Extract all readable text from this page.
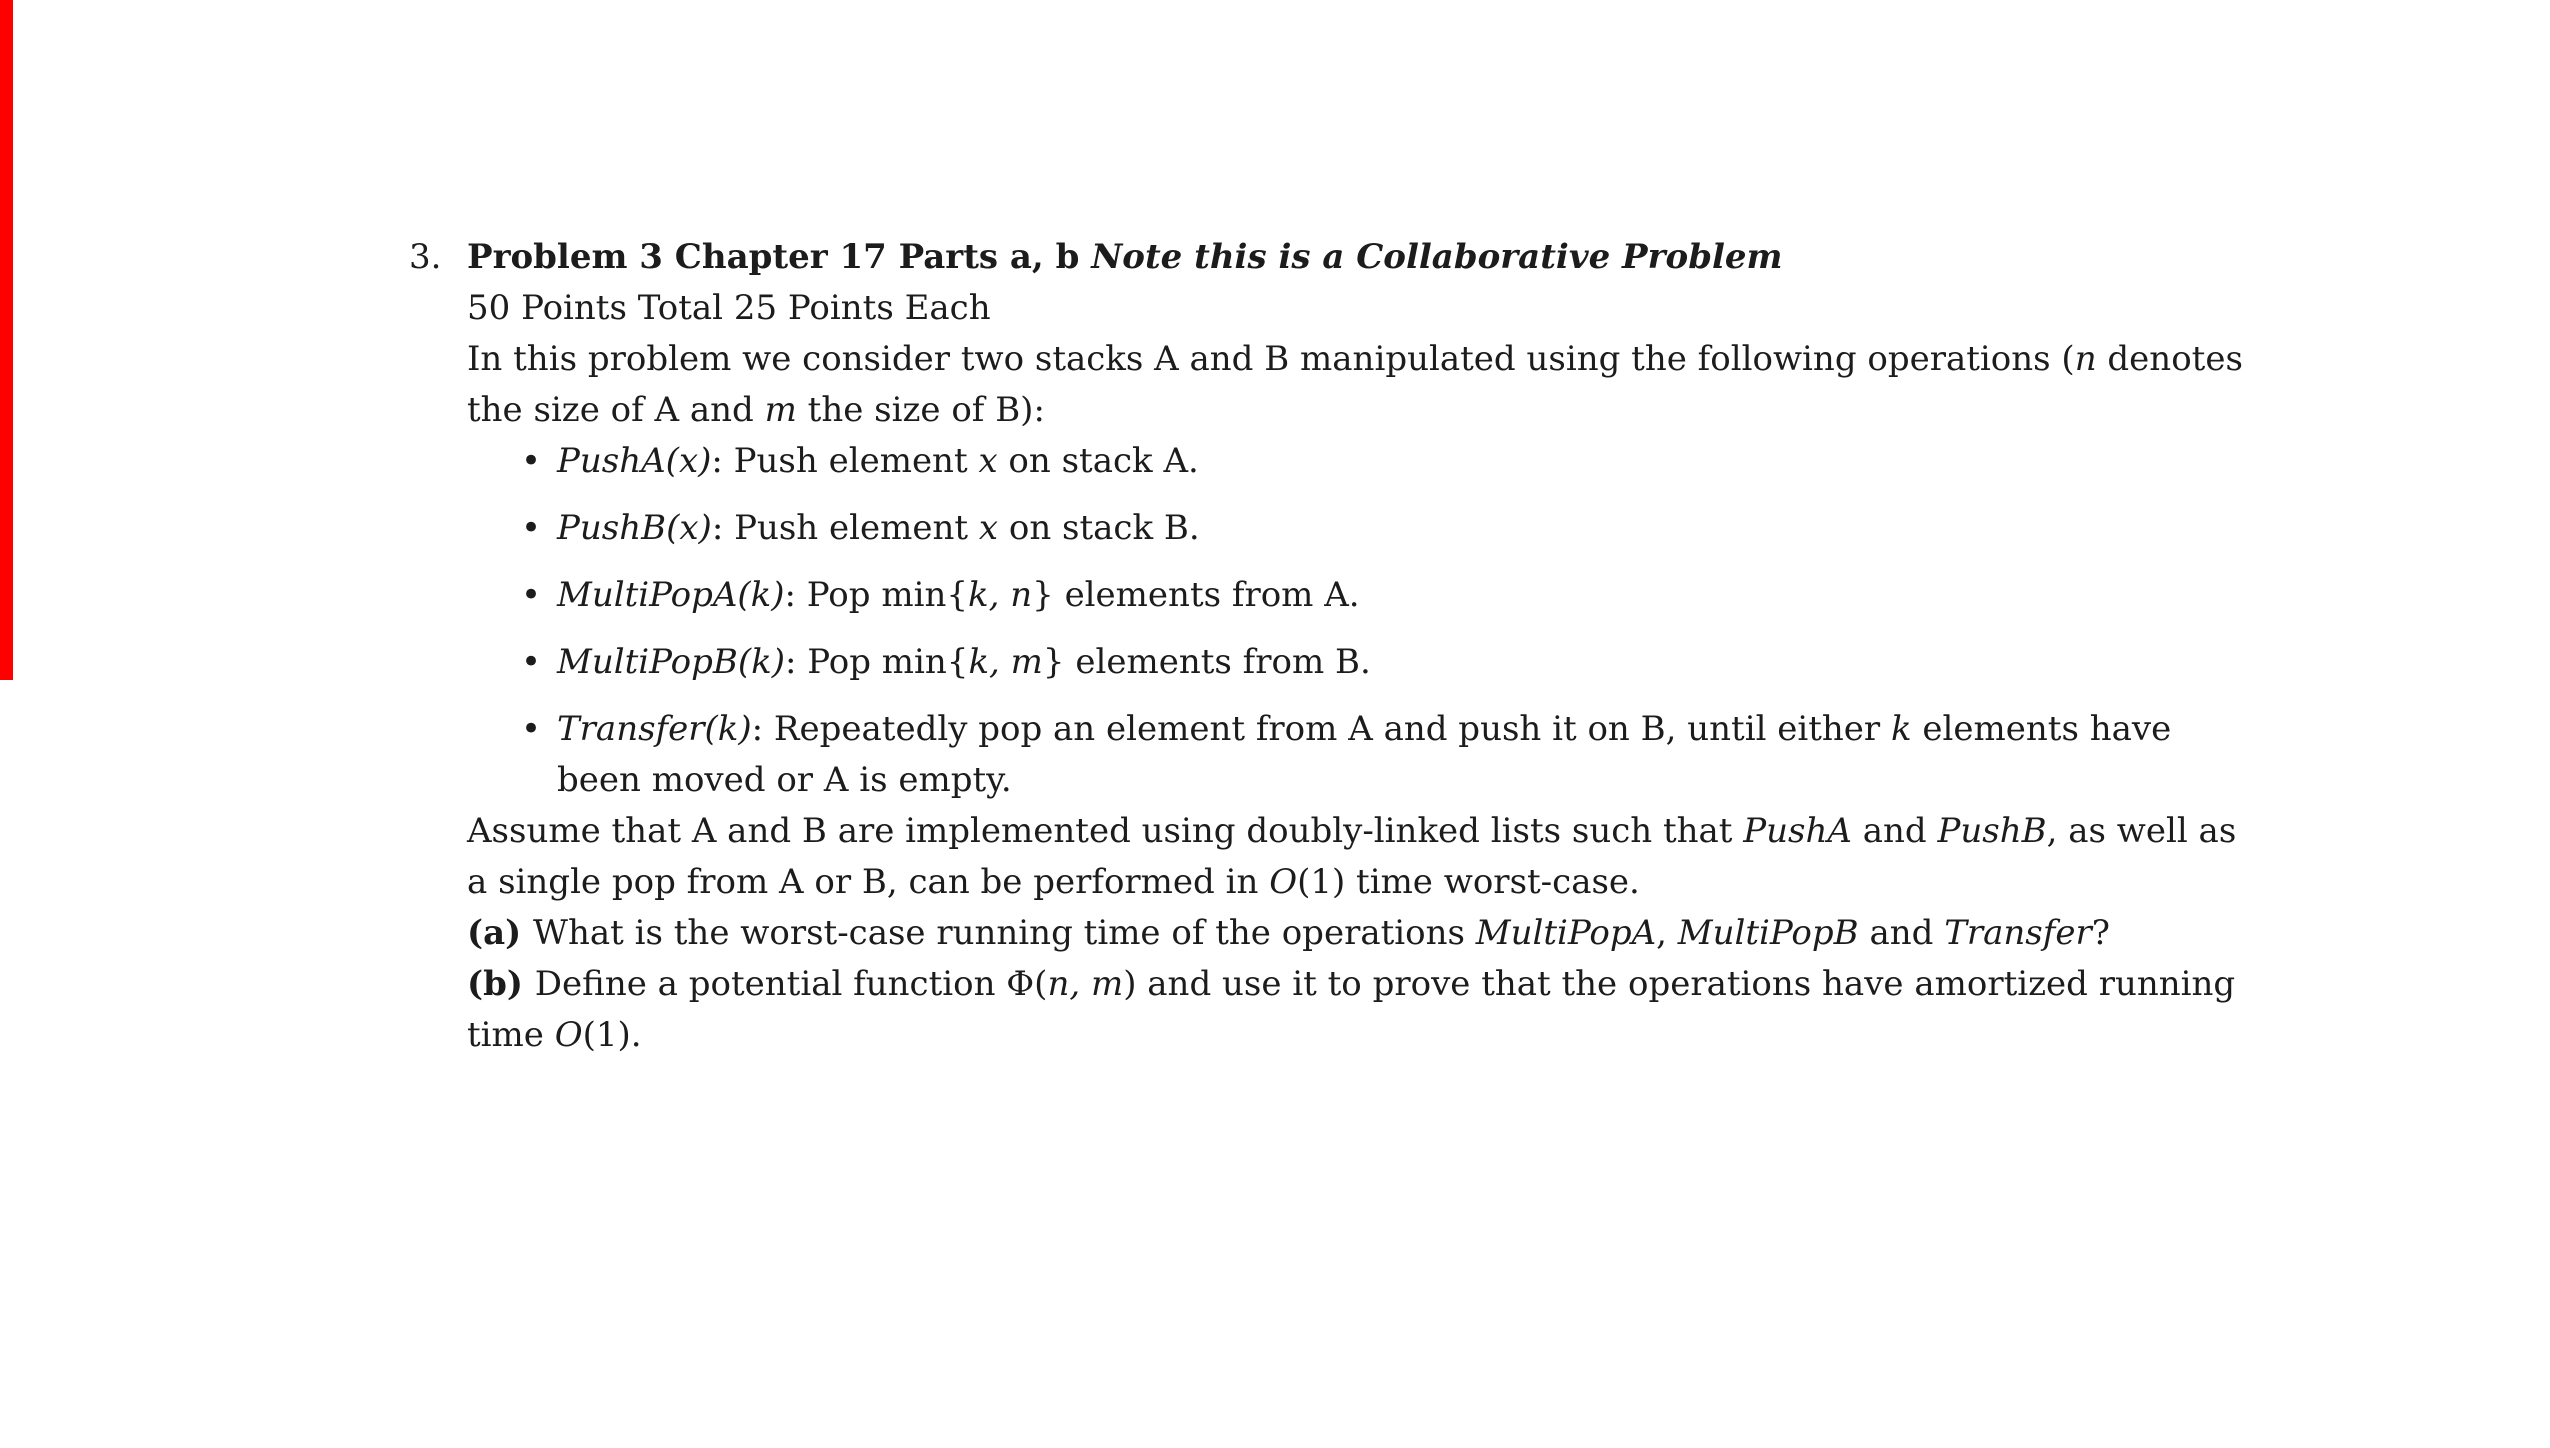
3. Problem 3 Chapter 17 Parts a, b Note this is a Collaborative Problem
50 Points Total 25 Points Each

In this problem we consider two stacks A and B manipulated using the following operations (n denotes the size of A and m the size of B):

• PushA(x): Push element x on stack A.
• PushB(x): Push element x on stack B.
• MultiPopA(k): Pop min{k, n} elements from A.
• MultiPopB(k): Pop min{k, m} elements from B.
• Transfer(k): Repeatedly pop an element from A and push it on B, until either k elements have been moved or A is empty.

Assume that A and B are implemented using doubly-linked lists such that PushA and PushB, as well as a single pop from A or B, can be performed in O(1) time worst-case.

(a) What is the worst-case running time of the operations MultiPopA, MultiPopB and Transfer?

(b) Define a potential function Φ(n, m) and use it to prove that the operations have amortized running time O(1).
